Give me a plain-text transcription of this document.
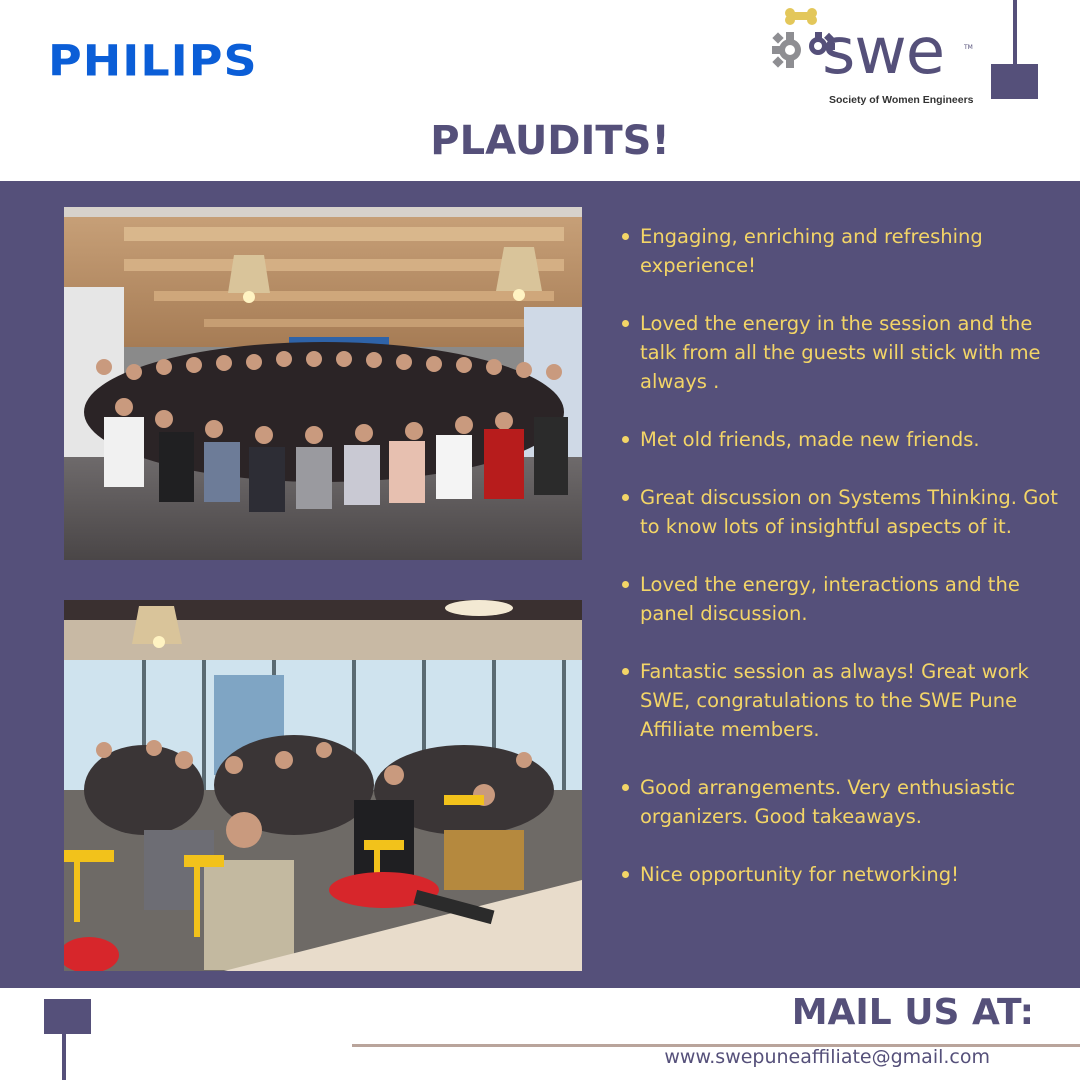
PHILIPS	swe	TM
Society of Women Engineers
PLAUDITS!
Engaging, enriching and refreshing experience!
Loved the energy in the session and the talk from all the guests will stick with me always .
Met old friends, made new friends.
Great discussion on Systems Thinking. Got to know lots of insightful aspects of it.
Loved the energy, interactions and the panel discussion.
Fantastic session as always! Great work SWE, congratulations to the SWE Pune Affiliate members.
Good arrangements. Very enthusiastic organizers. Good takeaways.
Nice opportunity for networking!
MAIL US AT:
www.swepuneaffiliate@gmail.com
